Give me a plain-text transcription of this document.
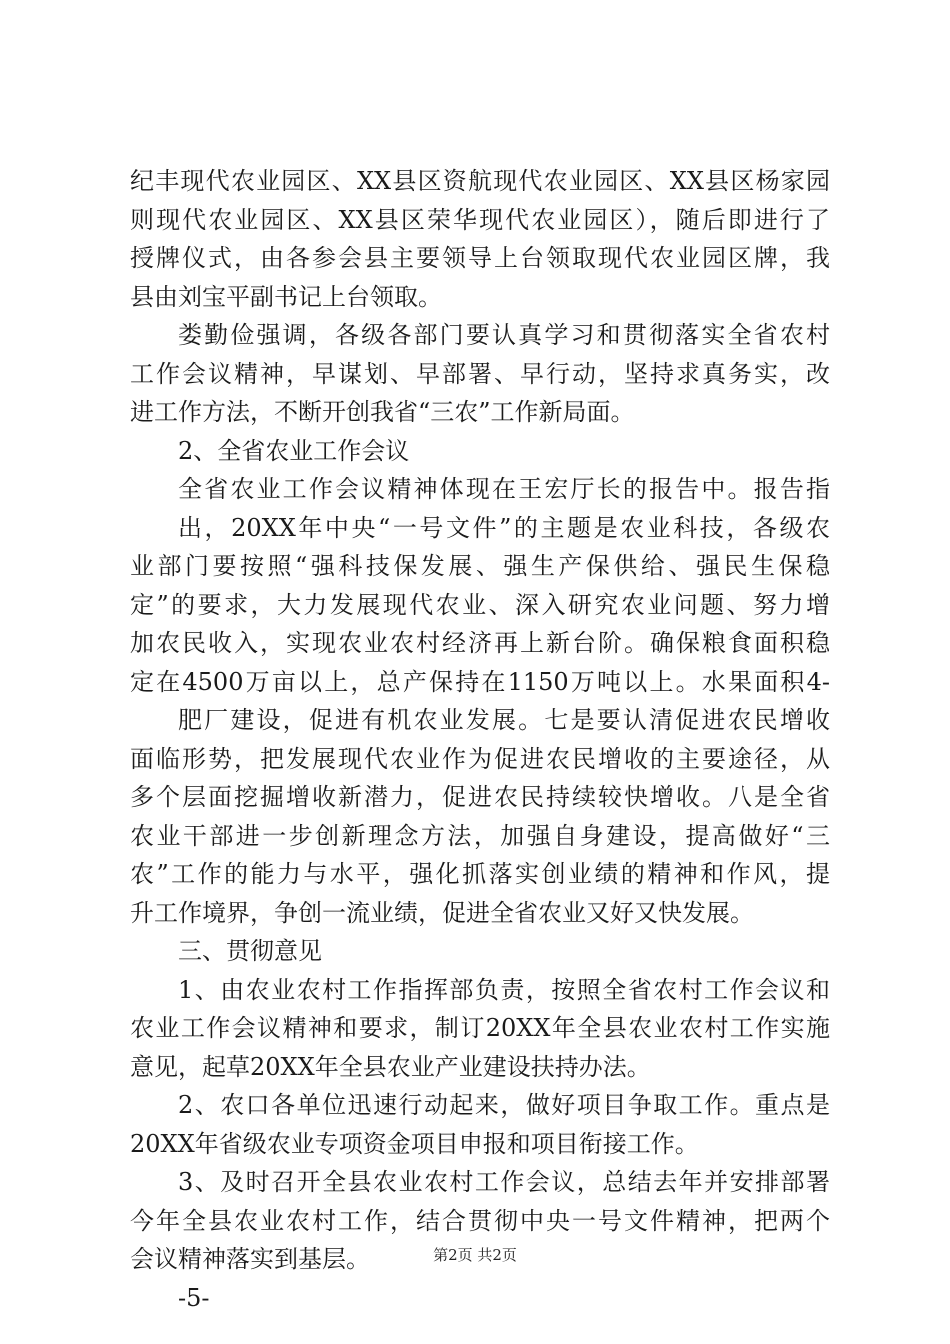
纪丰现代农业园区、XX县区资航现代农业园区、XX县区杨家园
则现代农业园区、XX县区荣华现代农业园区），随后即进行了
授牌仪式，由各参会县主要领导上台领取现代农业园区牌，我
县由刘宝平副书记上台领取。
娄勤俭强调，各级各部门要认真学习和贯彻落实全省农村
工作会议精神，早谋划、早部署、早行动，坚持求真务实，改
进工作方法，不断开创我省“三农”工作新局面。
2、全省农业工作会议
全省农业工作会议精神体现在王宏厅长的报告中。报告指
出，20XX年中央“一号文件”的主题是农业科技，各级农
业部门要按照“强科技保发展、强生产保供给、强民生保稳
定”的要求，大力发展现代农业、深入研究农业问题、努力增
加农民收入，实现农业农村经济再上新台阶。确保粮食面积稳
定在4500万亩以上，总产保持在1150万吨以上。水果面积4-
肥厂建设，促进有机农业发展。七是要认清促进农民增收
面临形势，把发展现代农业作为促进农民增收的主要途径，从
多个层面挖掘增收新潜力，促进农民持续较快增收。八是全省
农业干部进一步创新理念方法，加强自身建设，提高做好“三
农”工作的能力与水平，强化抓落实创业绩的精神和作风，提
升工作境界，争创一流业绩，促进全省农业又好又快发展。
三、贯彻意见
1、由农业农村工作指挥部负责，按照全省农村工作会议和
农业工作会议精神和要求，制订20XX年全县农业农村工作实施
意见，起草20XX年全县农业产业建设扶持办法。
2、农口各单位迅速行动起来，做好项目争取工作。重点是
20XX年省级农业专项资金项目申报和项目衔接工作。
3、及时召开全县农业农村工作会议，总结去年并安排部署
今年全县农业农村工作，结合贯彻中央一号文件精神，把两个
会议精神落实到基层。
-5-
第2页 共2页
